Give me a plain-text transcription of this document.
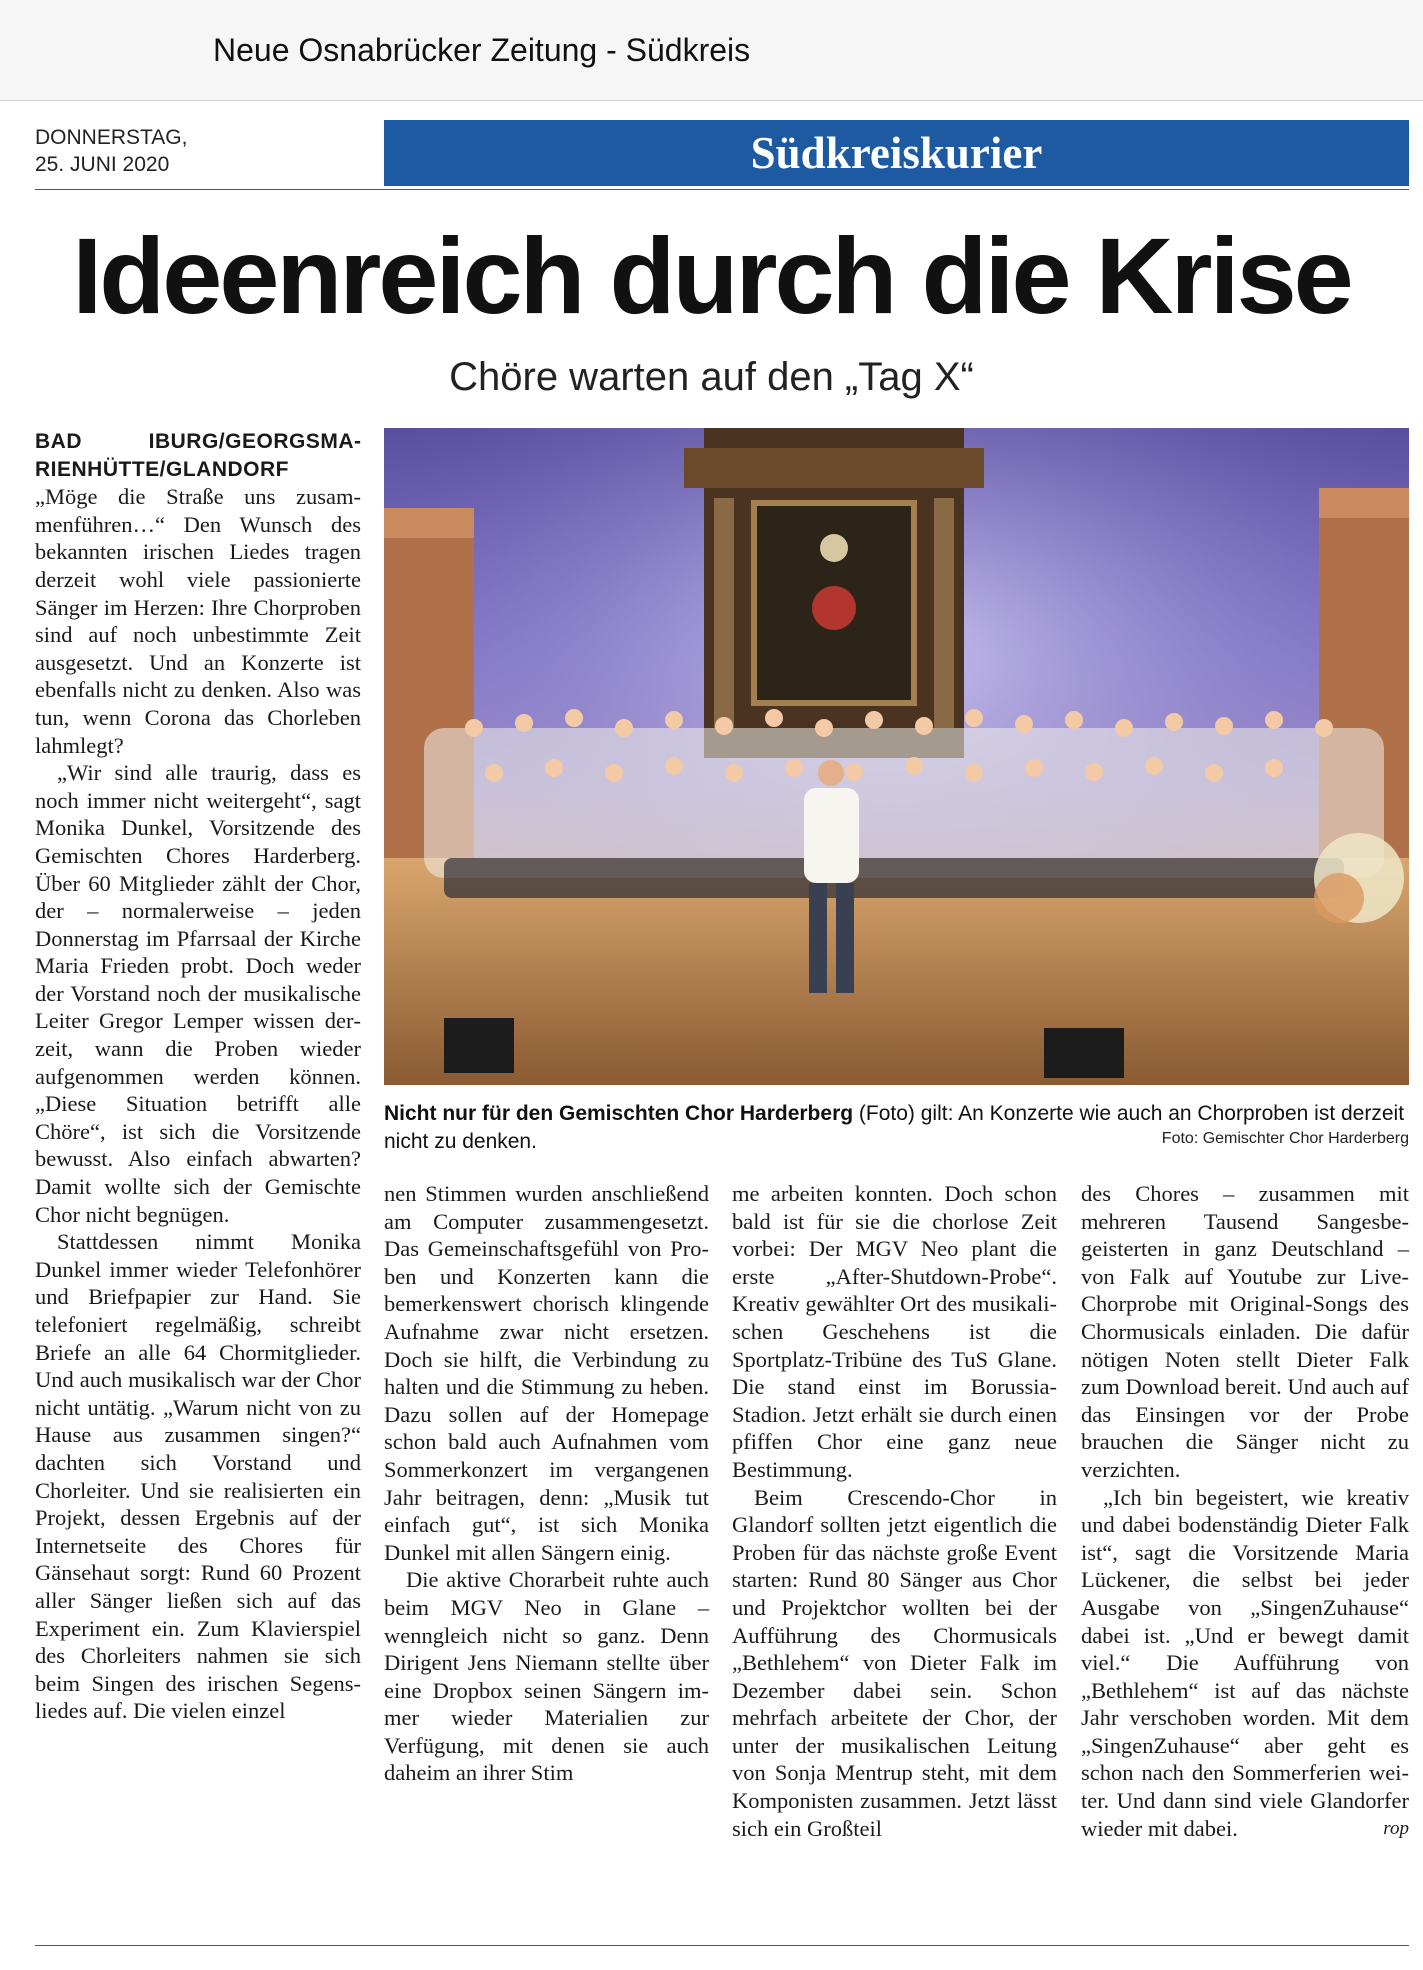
Neue Osnabrücker Zeitung - Südkreis
DONNERSTAG,
25. JUNI 2020	Südkreiskurier
Ideenreich durch die Krise
Chöre warten auf den „Tag X“
BAD IBURG/GEORGSMARIENHÜTTE/GLANDORF

„Möge die Straße uns zusammenführen…“ Den Wunsch des bekannten irischen Liedes tragen derzeit wohl viele passionierte Sänger im Herzen: Ihre Chorproben sind auf noch unbestimmte Zeit ausgesetzt. Und an Konzerte ist ebenfalls nicht zu denken. Also was tun, wenn Corona das Chorleben lahmlegt?

„Wir sind alle traurig, dass es noch immer nicht weitergeht“, sagt Monika Dunkel, Vorsitzende des Gemischten Chores Harderberg. Über 60 Mitglieder zählt der Chor, der – normalerweise – jeden Donnerstag im Pfarrsaal der Kirche Maria Frieden probt. Doch weder der Vorstand noch der musikalische Leiter Gregor Lemper wissen derzeit, wann die Proben wieder aufgenommen werden können. „Diese Situation betrifft alle Chöre“, ist sich die Vorsitzende bewusst. Also einfach abwarten? Damit wollte sich der Gemischte Chor nicht begnügen.

Stattdessen nimmt Monika Dunkel immer wieder Telefonhörer und Briefpapier zur Hand. Sie telefoniert regelmäßig, schreibt Briefe an alle 64 Chormitglieder. Und auch musikalisch war der Chor nicht untätig. „Warum nicht von zu Hause aus zusammen singen?“ dachten sich Vorstand und Chorleiter. Und sie realisierten ein Projekt, dessen Ergebnis auf der Internetseite des Chores für Gänsehaut sorgt: Rund 60 Prozent aller Sänger ließen sich auf das Experiment ein. Zum Klavierspiel des Chorleiters nahmen sie sich beim Singen des irischen Segensliedes auf. Die vielen einzel

Nicht nur für den Gemischten Chor Harderberg (Foto) gilt: An Konzerte wie auch an Chorproben ist derzeit nicht zu denken.	Foto: Gemischter Chor Harderberg

nen Stimmen wurden anschließend am Computer zusammengesetzt. Das Gemeinschaftsgefühl von Proben und Konzerten kann die bemerkenswert chorisch klingende Aufnahme zwar nicht ersetzen. Doch sie hilft, die Verbindung zu halten und die Stimmung zu heben. Dazu sollen auf der Homepage schon bald auch Aufnahmen vom Sommerkonzert im vergangenen Jahr beitragen, denn: „Musik tut einfach gut“, ist sich Monika Dunkel mit allen Sängern einig.

Die aktive Chorarbeit ruhte auch beim MGV Neo in Glane – wenngleich nicht so ganz. Denn Dirigent Jens Niemann stellte über eine Dropbox seinen Sängern immer wieder Materialien zur Verfügung, mit denen sie auch daheim an ihrer Stim

me arbeiten konnten. Doch schon bald ist für sie die chorlose Zeit vorbei: Der MGV Neo plant die erste „After-Shutdown-Probe“. Kreativ gewählter Ort des musikalischen Geschehens ist die Sportplatz-Tribüne des TuS Glane. Die stand einst im Borussia-Stadion. Jetzt erhält sie durch einen pfiffen Chor eine ganz neue Bestimmung.

Beim Crescendo-Chor in Glandorf sollten jetzt eigentlich die Proben für das nächste große Event starten: Rund 80 Sänger aus Chor und Projektchor wollten bei der Aufführung des Chormusicals „Bethlehem“ von Dieter Falk im Dezember dabei sein. Schon mehrfach arbeitete der Chor, der unter der musikalischen Leitung von Sonja Mentrup steht, mit dem Komponisten zusammen. Jetzt lässt sich ein Großteil

des Chores – zusammen mit mehreren Tausend Sangesbegeisterten in ganz Deutschland – von Falk auf Youtube zur Live-Chorprobe mit Original-Songs des Chormusicals einladen. Die dafür nötigen Noten stellt Dieter Falk zum Download bereit. Und auch auf das Einsingen vor der Probe brauchen die Sänger nicht zu verzichten.

„Ich bin begeistert, wie kreativ und dabei bodenständig Dieter Falk ist“, sagt die Vorsitzende Maria Lückener, die selbst bei jeder Ausgabe von „SingenZuhause“ dabei ist. „Und er bewegt damit viel.“ Die Aufführung von „Bethlehem“ ist auf das nächste Jahr verschoben worden. Mit dem „SingenZuhause“ aber geht es schon nach den Sommerferien weiter. Und dann sind viele Glandorfer wieder mit dabei.	rop
